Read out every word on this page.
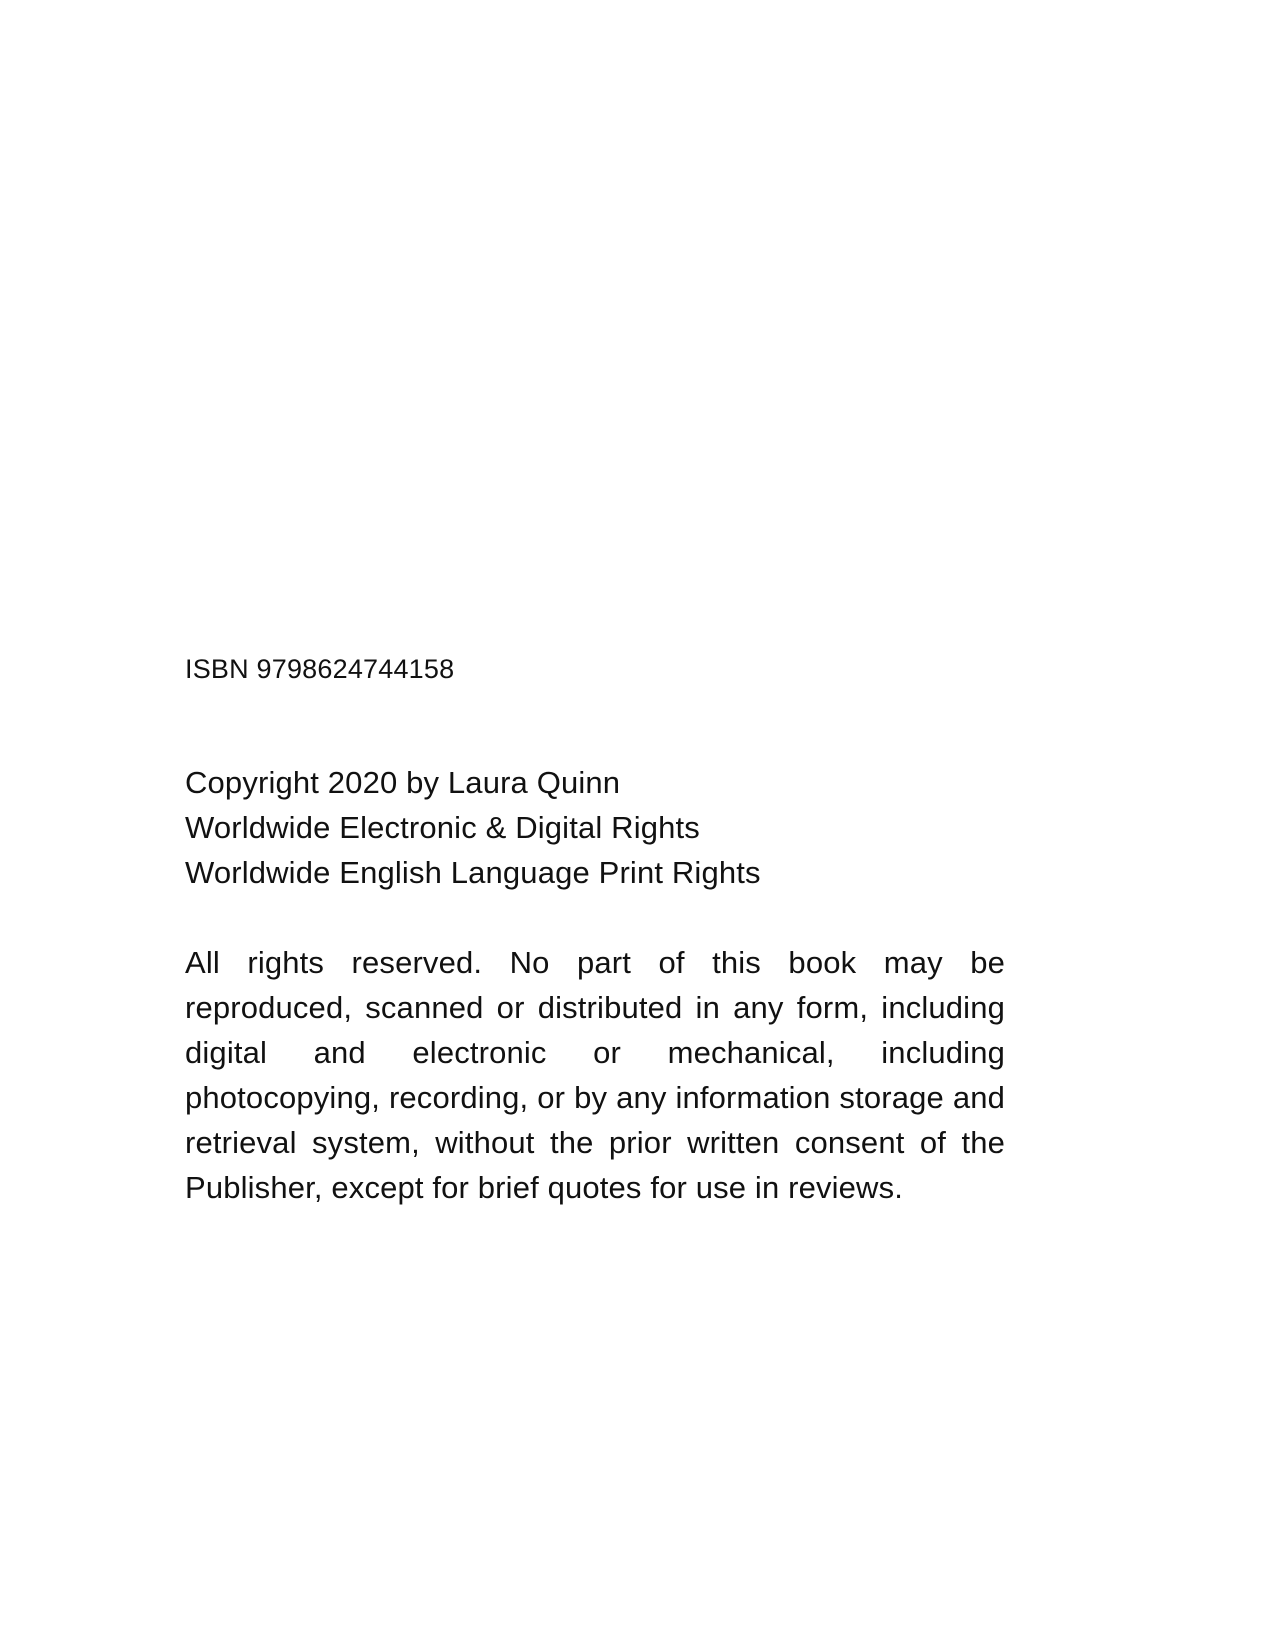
ISBN 9798624744158
Copyright 2020 by Laura Quinn
Worldwide Electronic & Digital Rights
Worldwide English Language Print Rights
All rights reserved. No part of this book may be reproduced, scanned or distributed in any form, including digital and electronic or mechanical, including photocopying, recording, or by any information storage and retrieval system, without the prior written consent of the Publisher, except for brief quotes for use in reviews.
